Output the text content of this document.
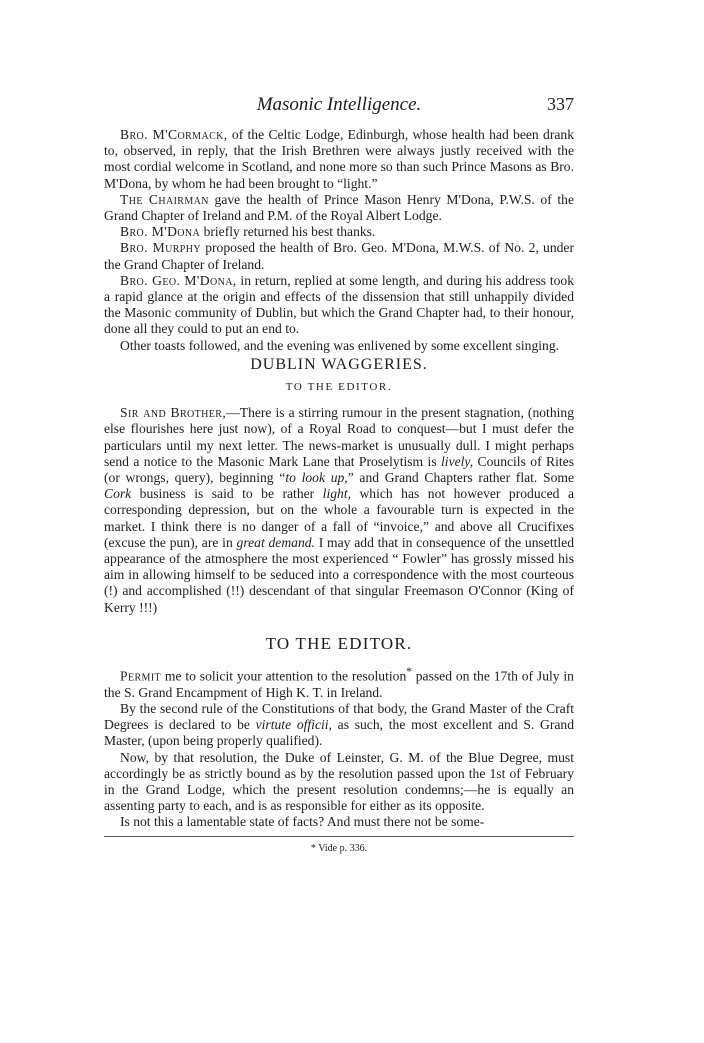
Masonic Intelligence.	337

Bro. M'Cormack, of the Celtic Lodge, Edinburgh, whose health had been drank to, observed, in reply, that the Irish Brethren were always justly received with the most cordial welcome in Scotland, and none more so than such Prince Masons as Bro. M'Dona, by whom he had been brought to “light.”

The Chairman gave the health of Prince Mason Henry M'Dona, P.W.S. of the Grand Chapter of Ireland and P.M. of the Royal Albert Lodge.

Bro. M'Dona briefly returned his best thanks.

Bro. Murphy proposed the health of Bro. Geo. M'Dona, M.W.S. of No. 2, under the Grand Chapter of Ireland.

Bro. Geo. M'Dona, in return, replied at some length, and during his address took a rapid glance at the origin and effects of the dissension that still unhappily divided the Masonic community of Dublin, but which the Grand Chapter had, to their honour, done all they could to put an end to.

Other toasts followed, and the evening was enlivened by some excellent singing.

DUBLIN WAGGERIES.
TO THE EDITOR.

Sir and Brother,—There is a stirring rumour in the present stagnation, (nothing else flourishes here just now), of a Royal Road to conquest—but I must defer the particulars until my next letter. The news-market is unusually dull. I might perhaps send a notice to the Masonic Mark Lane that Proselytism is lively, Councils of Rites (or wrongs, query), beginning “to look up,” and Grand Chapters rather flat. Some Cork business is said to be rather light, which has not however produced a corresponding depression, but on the whole a favourable turn is expected in the market. I think there is no danger of a fall of “invoice,” and above all Crucifixes (excuse the pun), are in great demand. I may add that in consequence of the unsettled appearance of the atmosphere the most experienced “ Fowler” has grossly missed his aim in allowing himself to be seduced into a correspondence with the most courteous (!) and accomplished (!!) descendant of that singular Freemason O'Connor (King of Kerry !!!)

TO THE EDITOR.

Permit me to solicit your attention to the resolution* passed on the 17th of July in the S. Grand Encampment of High K. T. in Ireland.

By the second rule of the Constitutions of that body, the Grand Master of the Craft Degrees is declared to be virtute officii, as such, the most excellent and S. Grand Master, (upon being properly qualified).

Now, by that resolution, the Duke of Leinster, G. M. of the Blue Degree, must accordingly be as strictly bound as by the resolution passed upon the 1st of February in the Grand Lodge, which the present resolution condemns;—he is equally an assenting party to each, and is as responsible for either as its opposite.

Is not this a lamentable state of facts? And must there not be some-

* Vide p. 336.
